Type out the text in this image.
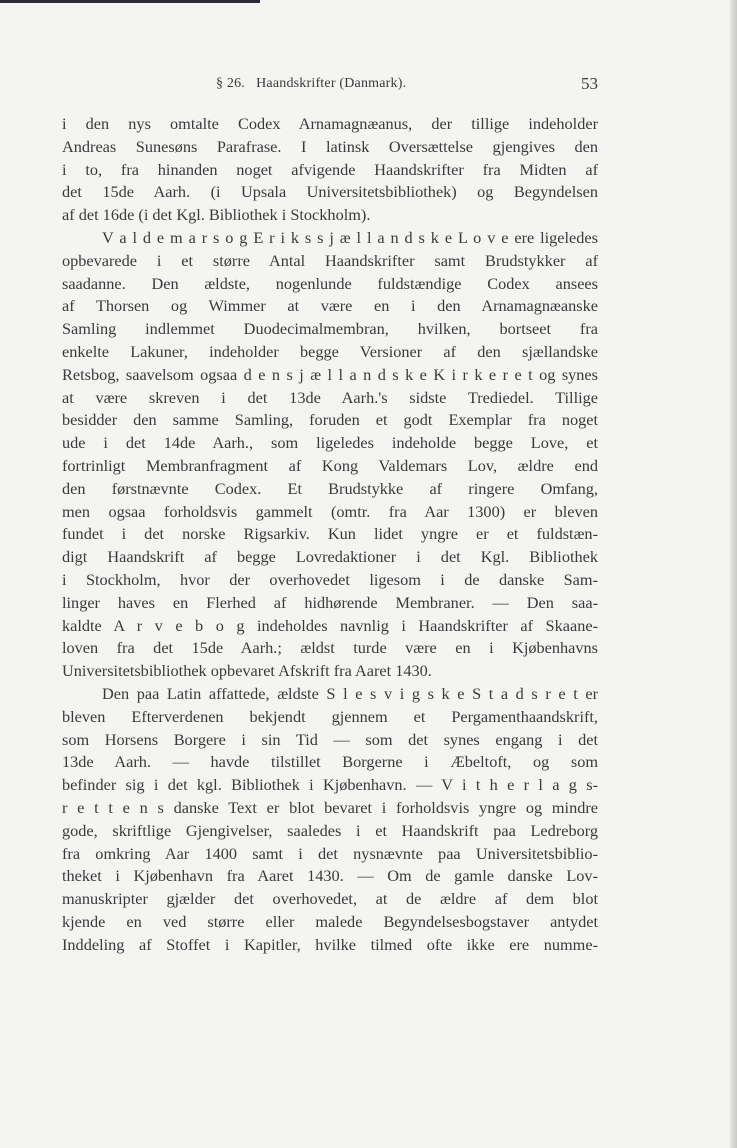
§ 26. Haandskrifter (Danmark).	53
i den nys omtalte Codex Arnamagnæanus, der tillige indeholder
Andreas Sunesøns Parafrase. I latinsk Oversættelse gjengives den
i to, fra hinanden noget afvigende Haandskrifter fra Midten af
det 15de Aarh. (i Upsala Universitetsbibliothek) og Begyndelsen
af det 16de (i det Kgl. Bibliothek i Stockholm).
V a l d e m a r s o g E r i k s s j æ l l a n d s k e L o v e ere ligeledes
opbevarede i et større Antal Haandskrifter samt Brudstykker af
saadanne. Den ældste, nogenlunde fuldstændige Codex ansees
af Thorsen og Wimmer at være en i den Arnamagnæanske
Samling indlemmet Duodecimalmembran, hvilken, bortseet fra
enkelte Lakuner, indeholder begge Versioner af den sjællandske
Retsbog, saavelsom ogsaa d e n s j æ l l a n d s k e K i r k e r e t og synes
at være skreven i det 13de Aarh.'s sidste Trediedel. Tillige
besidder den samme Samling, foruden et godt Exemplar fra noget
ude i det 14de Aarh., som ligeledes indeholde begge Love, et
fortrinligt Membranfragment af Kong Valdemars Lov, ældre end
den førstnævnte Codex. Et Brudstykke af ringere Omfang,
men ogsaa forholdsvis gammelt (omtr. fra Aar 1300) er bleven
fundet i det norske Rigsarkiv. Kun lidet yngre er et fuldstæn-
digt Haandskrift af begge Lovredaktioner i det Kgl. Bibliothek
i Stockholm, hvor der overhovedet ligesom i de danske Sam-
linger haves en Flerhed af hidhørende Membraner. — Den saa-
kaldte A r v e b o g indeholdes navnlig i Haandskrifter af Skaane-
loven fra det 15de Aarh.; ældst turde være en i Kjøbenhavns
Universitetsbibliothek opbevaret Afskrift fra Aaret 1430.
Den paa Latin affattede, ældste S l e s v i g s k e S t a d s r e t er
bleven Efterverdenen bekjendt gjennem et Pergamenthaandskrift,
som Horsens Borgere i sin Tid — som det synes engang i det
13de Aarh. — havde tilstillet Borgerne i Æbeltoft, og som
befinder sig i det kgl. Bibliothek i Kjøbenhavn. — V i t h e r l a g s-
r e t t e n s danske Text er blot bevaret i forholdsvis yngre og mindre
gode, skriftlige Gjengivelser, saaledes i et Haandskrift paa Ledreborg
fra omkring Aar 1400 samt i det nysnævnte paa Universitetsbiblio-
theket i Kjøbenhavn fra Aaret 1430. — Om de gamle danske Lov-
manuskripter gjælder det overhovedet, at de ældre af dem blot
kjende en ved større eller malede Begyndelsesbogstaver antydet
Inddeling af Stoffet i Kapitler, hvilke tilmed ofte ikke ere numme-
